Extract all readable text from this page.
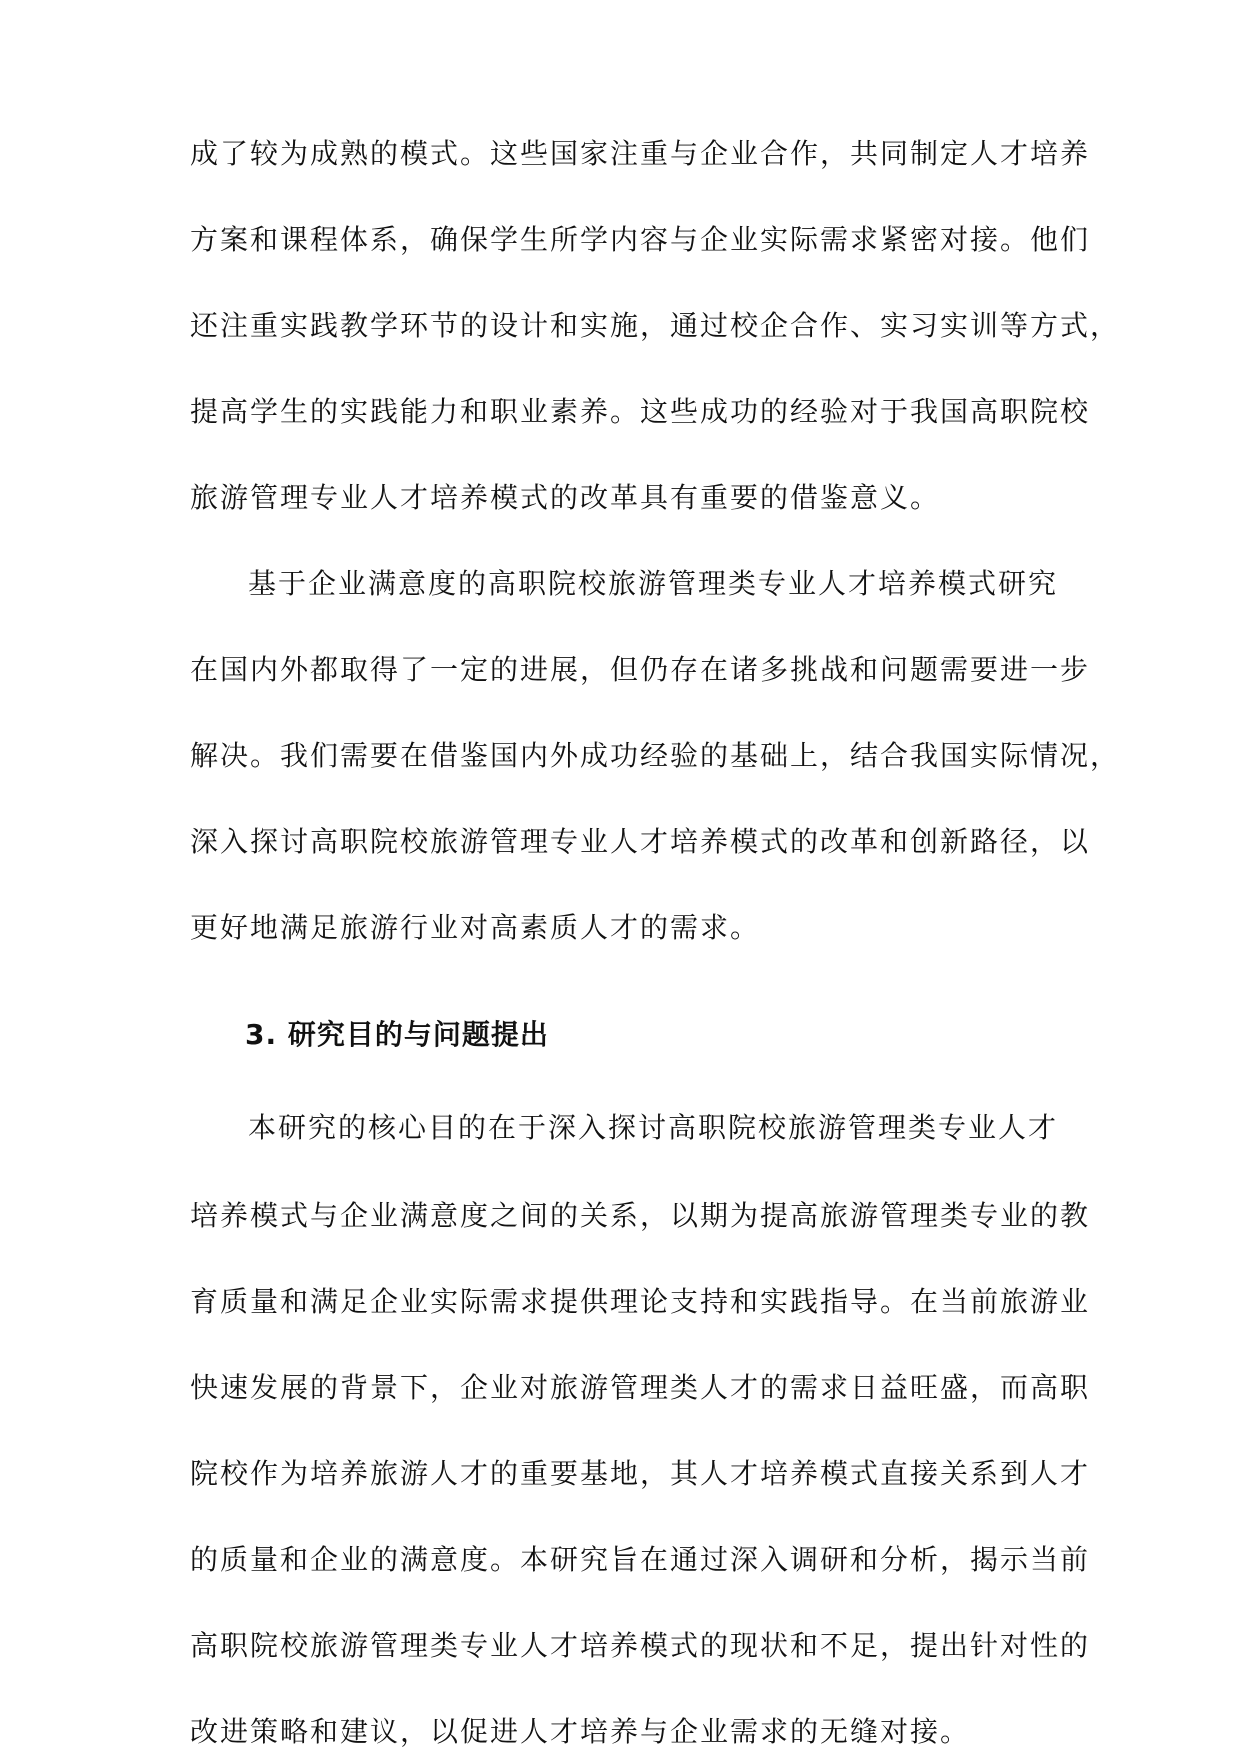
成了较为成熟的模式。这些国家注重与企业合作，共同制定人才培养
方案和课程体系，确保学生所学内容与企业实际需求紧密对接。他们
还注重实践教学环节的设计和实施，通过校企合作、实习实训等方式，
提高学生的实践能力和职业素养。这些成功的经验对于我国高职院校
旅游管理专业人才培养模式的改革具有重要的借鉴意义。
基于企业满意度的高职院校旅游管理类专业人才培养模式研究
在国内外都取得了一定的进展，但仍存在诸多挑战和问题需要进一步
解决。我们需要在借鉴国内外成功经验的基础上，结合我国实际情况，
深入探讨高职院校旅游管理专业人才培养模式的改革和创新路径，以
更好地满足旅游行业对高素质人才的需求。
3. 研究目的与问题提出
本研究的核心目的在于深入探讨高职院校旅游管理类专业人才
培养模式与企业满意度之间的关系，以期为提高旅游管理类专业的教
育质量和满足企业实际需求提供理论支持和实践指导。在当前旅游业
快速发展的背景下，企业对旅游管理类人才的需求日益旺盛，而高职
院校作为培养旅游人才的重要基地，其人才培养模式直接关系到人才
的质量和企业的满意度。本研究旨在通过深入调研和分析，揭示当前
高职院校旅游管理类专业人才培养模式的现状和不足，提出针对性的
改进策略和建议，以促进人才培养与企业需求的无缝对接。
